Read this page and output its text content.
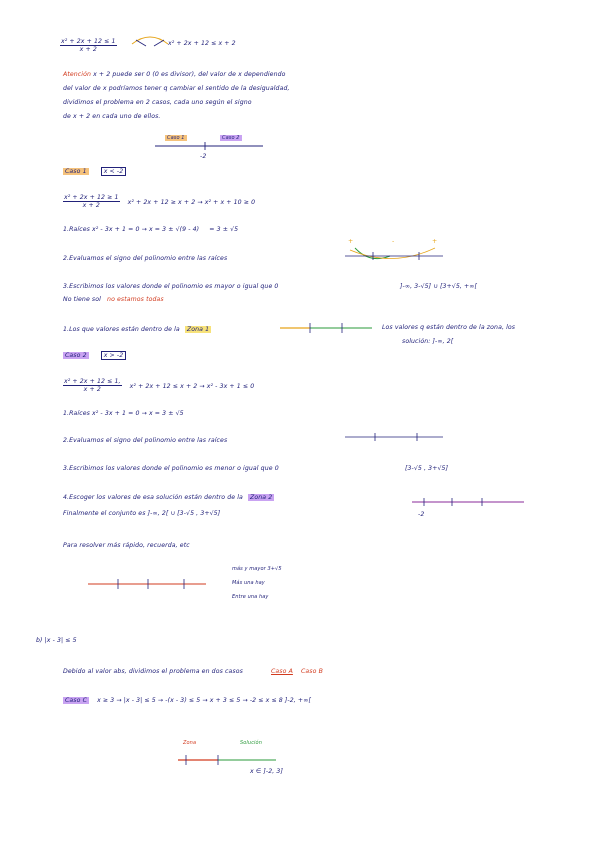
$\frac{\text{x² + 2x + 12 ≤ 1}}{x + 2}$	x² + 2x + 12 ≤ x + 2
Atención x + 2 puede ser 0 (0 es divisor), del valor de x dependiendo
del valor de x podríamos tener q cambiar el sentido de la desigualdad,
dividimos el problema en 2 casos, cada uno según el signo
de x + 2 en cada uno de ellos.
Caso 1	Caso 2
-2
Caso 1	x < -2
$\frac{\text{x² + 2x + 12 ≥ 1}}{x + 2} x^2 + 2x + 12 \ge x + 2 \to x^2 + x + 10 \ge 0$
1.Raíces x² - 3x + 1 = 0 → x = 3 ± √(9 - 4) = 3 ± √5
2.Evaluamos el signo del polinomio entre las raíces
+	-	+
3.Escribimos los valores donde el polinomio es mayor o igual que 0	]-∞, 3-√5] ∪ [3+√5, +∞[
No tiene sol no estamos todas
1.Los que valores están dentro de la Zona 1	Los valores q están dentro de la zona, los
solución: ]-∞, 2[
Caso 2	x > -2
$\frac{\text{x² + 2x + 12 ≤ 1,}}{x + 2} x^2 + 2x + 12 \le x + 2 \to x^2 - 3x + 1 \le 0$
1.Raíces x² - 3x + 1 = 0 → x = 3 ± √5
2.Evaluamos el signo del polinomio entre las raíces
3.Escribimos los valores donde el polinomio es menor o igual que 0	[3-√5 , 3+√5]
4.Escoger los valores de esa solución están dentro de la Zona 2
Finalmente el conjunto es ]-∞, 2[ ∪ [3-√5 , 3+√5]	-2
Para resolver más rápido, recuerda, etc
más y mayor 3+√5
Más una hay
Entre una hay
b) |x - 3| ≤ 5
Debido al valor abs, dividimos el problema en dos casos	Caso A Caso B
Caso C x ≥ 3 → |x - 3| ≤ 5 → -(x - 3) ≤ 5 → x + 3 ≤ 5 → -2 ≤ x ≤ 8 ]-2, +∞[
Zona	Solución
x ∈ ]-2, 3]
